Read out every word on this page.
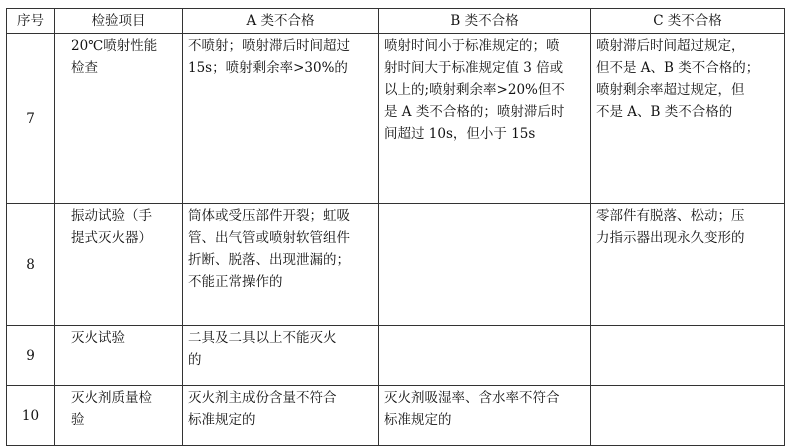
序号	检验项目	A 类不合格	B 类不合格	C 类不合格
7	20℃喷射性能
检查	不喷射；喷射滞后时间超过
15s；喷射剩余率>30%的	喷射时间小于标准规定的；喷
射时间大于标准规定值 3 倍或
以上的;喷射剩余率>20%但不
是 A 类不合格的；喷射滞后时
间超过 10s，但小于 15s	喷射滞后时间超过规定，
但不是 A、B 类不合格的；
喷射剩余率超过规定，但
不是 A、B 类不合格的

8	振动试验（手
提式灭火器）	筒体或受压部件开裂；虹吸
管、出气管或喷射软管组件
折断、脱落、出现泄漏的；
不能正常操作的		零部件有脱落、松动；压
力指示器出现永久变形的

9	灭火试验	二具及二具以上不能灭火
的		

10	灭火剂质量检
验	灭火剂主成份含量不符合
标准规定的	灭火剂吸湿率、含水率不符合
标准规定的	
